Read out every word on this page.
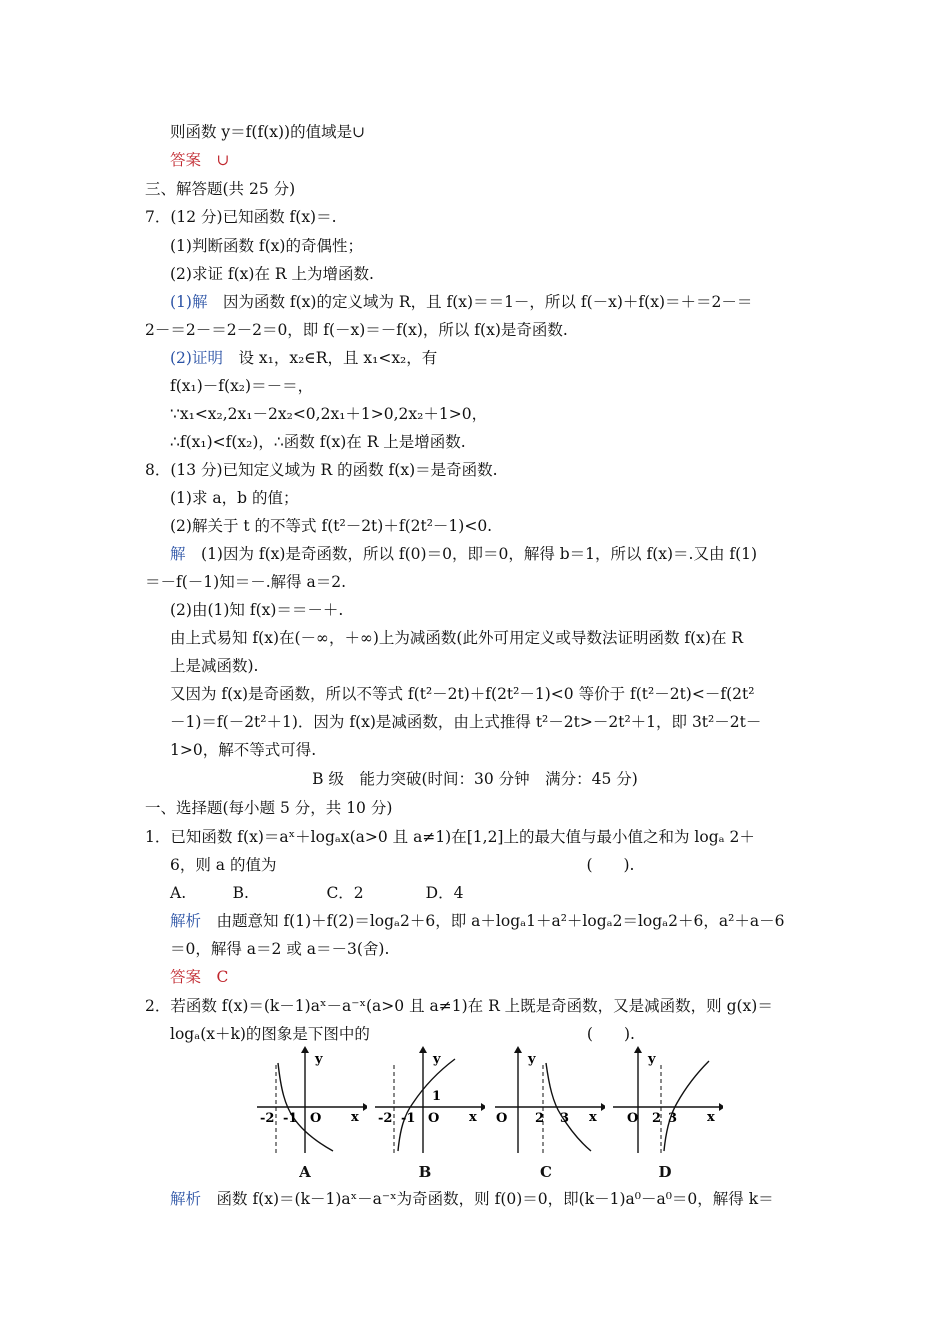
则函数 y＝f(f(x))的值域是∪
答案　∪
三、解答题(共 25 分)
7．(12 分)已知函数 f(x)＝.
(1)判断函数 f(x)的奇偶性；
(2)求证 f(x)在 R 上为增函数.
(1)解　因为函数 f(x)的定义域为 R，且 f(x)＝＝1－，所以 f(－x)＋f(x)＝＋＝2－＝
2－＝2－＝2－2＝0，即 f(－x)＝－f(x)，所以 f(x)是奇函数.
(2)证明　设 x₁，x₂∈R，且 x₁<x₂，有
f(x₁)－f(x₂)＝－＝，
∵x₁<x₂,2x₁－2x₂<0,2x₁＋1>0,2x₂＋1>0，
∴f(x₁)<f(x₂)，∴函数 f(x)在 R 上是增函数.
8．(13 分)已知定义域为 R 的函数 f(x)＝是奇函数.
(1)求 a，b 的值；
(2)解关于 t 的不等式 f(t²－2t)＋f(2t²－1)<0.
解　(1)因为 f(x)是奇函数，所以 f(0)＝0，即＝0，解得 b＝1，所以 f(x)＝.又由 f(1)
＝－f(－1)知＝－.解得 a＝2.
(2)由(1)知 f(x)＝＝－＋.
由上式易知 f(x)在(－∞，＋∞)上为减函数(此外可用定义或导数法证明函数 f(x)在 R
上是减函数).
又因为 f(x)是奇函数，所以不等式 f(t²－2t)＋f(2t²－1)<0 等价于 f(t²－2t)<－f(2t²
－1)＝f(－2t²＋1)．因为 f(x)是减函数，由上式推得 t²－2t>－2t²＋1，即 3t²－2t－
1>0，解不等式可得.
B 级　能力突破(时间：30 分钟　满分：45 分)
一、选择题(每小题 5 分，共 10 分)
1．已知函数 f(x)＝aˣ＋logₐx(a>0 且 a≠1)在[1,2]上的最大值与最小值之和为 logₐ 2＋
6，则 a 的值为　　　　　　　　　　　　　　　　　　　　(　　).
A.　　　B.　　　　　C．2　　　　D．4
解析　由题意知 f(1)＋f(2)＝logₐ2＋6，即 a＋logₐ1＋a²＋logₐ2＝logₐ2＋6，a²＋a－6
＝0，解得 a＝2 或 a＝－3(舍).
答案　C
2．若函数 f(x)＝(k－1)aˣ－a⁻ˣ(a>0 且 a≠1)在 R 上既是奇函数，又是减函数，则 g(x)＝
logₐ(x＋k)的图象是下图中的　　　　　　　　　　　　　　(　　).
解析　函数 f(x)＝(k－1)aˣ－a⁻ˣ为奇函数，则 f(0)＝0，即(k－1)a⁰－a⁰＝0，解得 k＝
y
x
O
-2 -1
y
x
O
1
-2 -1
y
x
O 2 3
y
x
O 2 3
A	B	C	D
